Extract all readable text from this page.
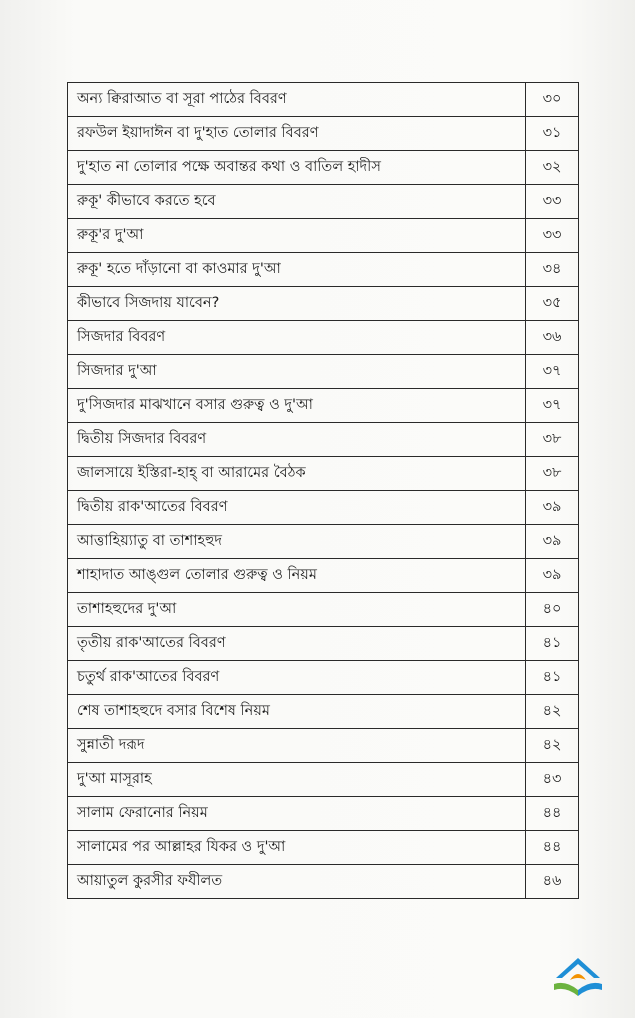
অন্য ক্বিরাআত বা সূরা পাঠের বিবরণ	৩০
রফউল ইয়াদাঈন বা দু'হাত তোলার বিবরণ	৩১
দু'হাত না তোলার পক্ষে অবান্তর কথা ও বাতিল হাদীস	৩২
রুকূ' কীভাবে করতে হবে	৩৩
রুকূ'র দু'আ	৩৩
রুকূ' হতে দাঁড়ানো বা কাওমার দু'আ	৩৪
কীভাবে সিজদায় যাবেন?	৩৫
সিজদার বিবরণ	৩৬
সিজদার দু'আ	৩৭
দু'সিজদার মাঝখানে বসার গুরুত্ব ও দু'আ	৩৭
দ্বিতীয় সিজদার বিবরণ	৩৮
জালসায়ে ইস্তিরা-হাহ্ বা আরামের বৈঠক	৩৮
দ্বিতীয় রাক'আতের বিবরণ	৩৯
আত্তাহিয়্যাতু বা তাশাহহুদ	৩৯
শাহাদাত আঙ্গুল তোলার গুরুত্ব ও নিয়ম	৩৯
তাশাহহুদের দু'আ	৪০
তৃতীয় রাক'আতের বিবরণ	৪১
চতুর্থ রাক'আতের বিবরণ	৪১
শেষ তাশাহহুদে বসার বিশেষ নিয়ম	৪২
সুন্নাতী দরূদ	৪২
দু'আ মাসূরাহ	৪৩
সালাম ফেরানোর নিয়ম	৪৪
সালামের পর আল্লাহর যিকর ও দু'আ	৪৪
আয়াতুল কুরসীর ফযীলত	৪৬
